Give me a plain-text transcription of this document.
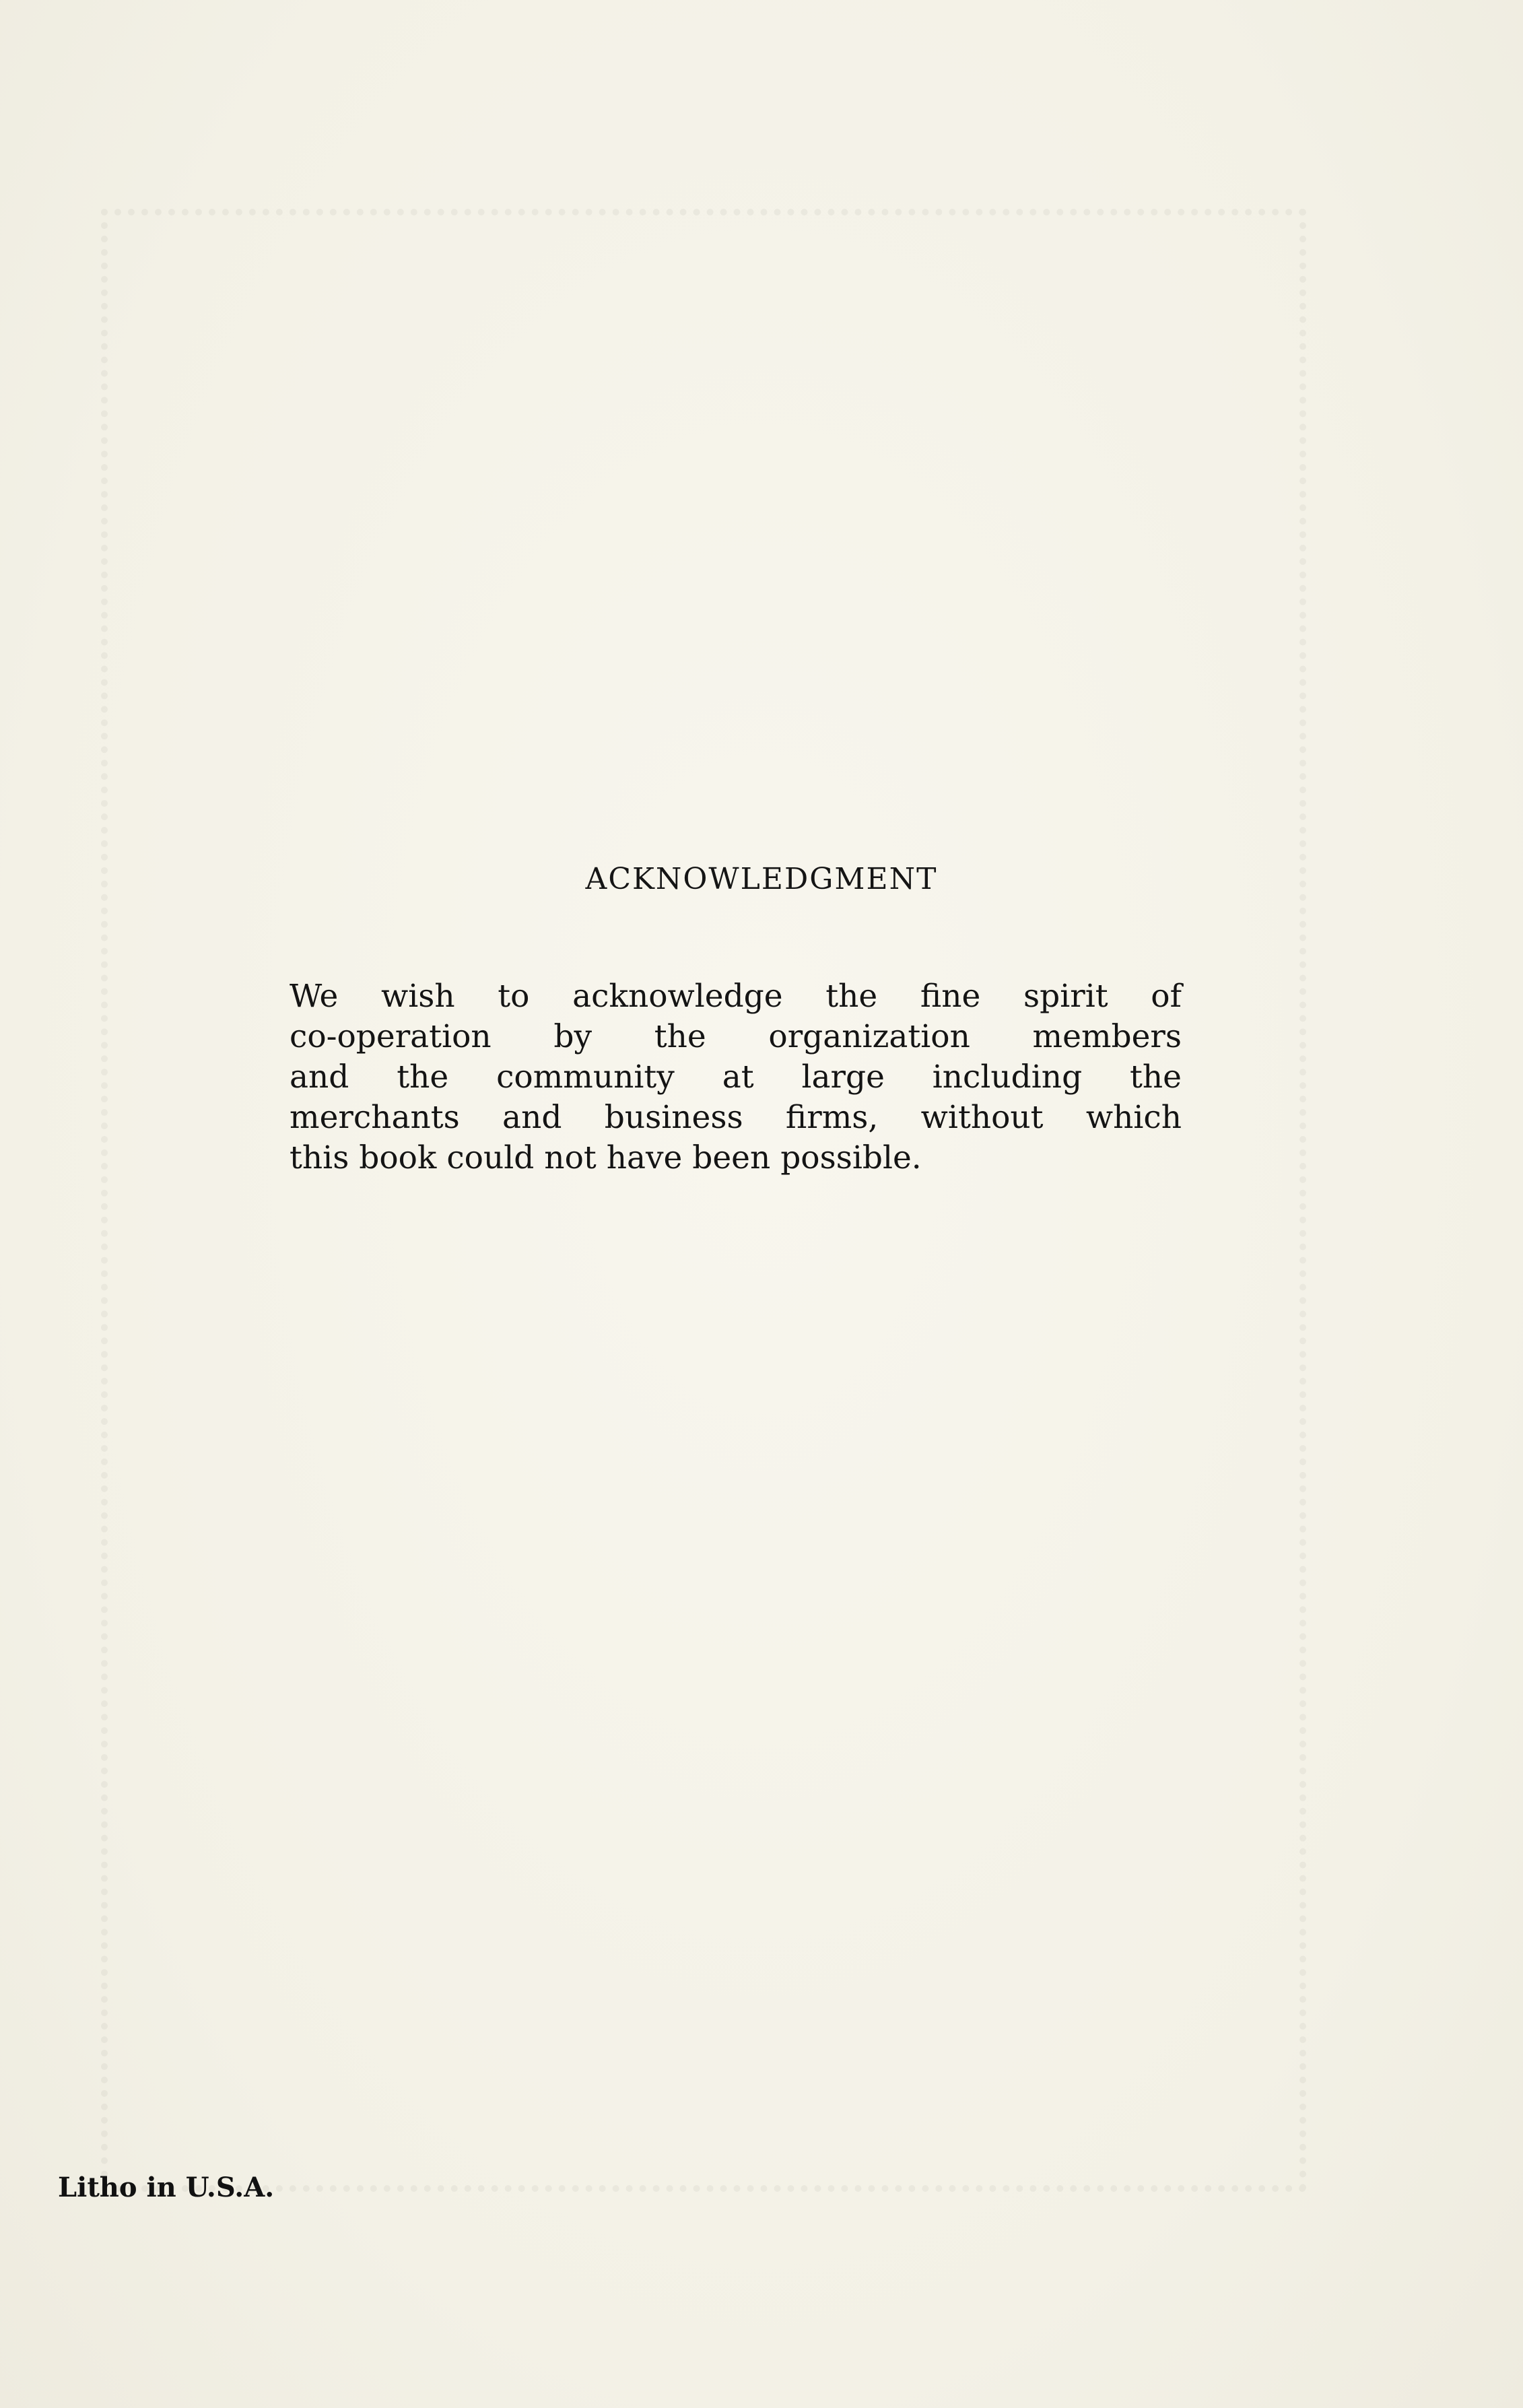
ACKNOWLEDGMENT
We wish to acknowledge the fine spirit of
co-operation by the organization members
and the community at large including the
merchants and business firms, without which
this book could not have been possible.

Litho in U.S.A.
